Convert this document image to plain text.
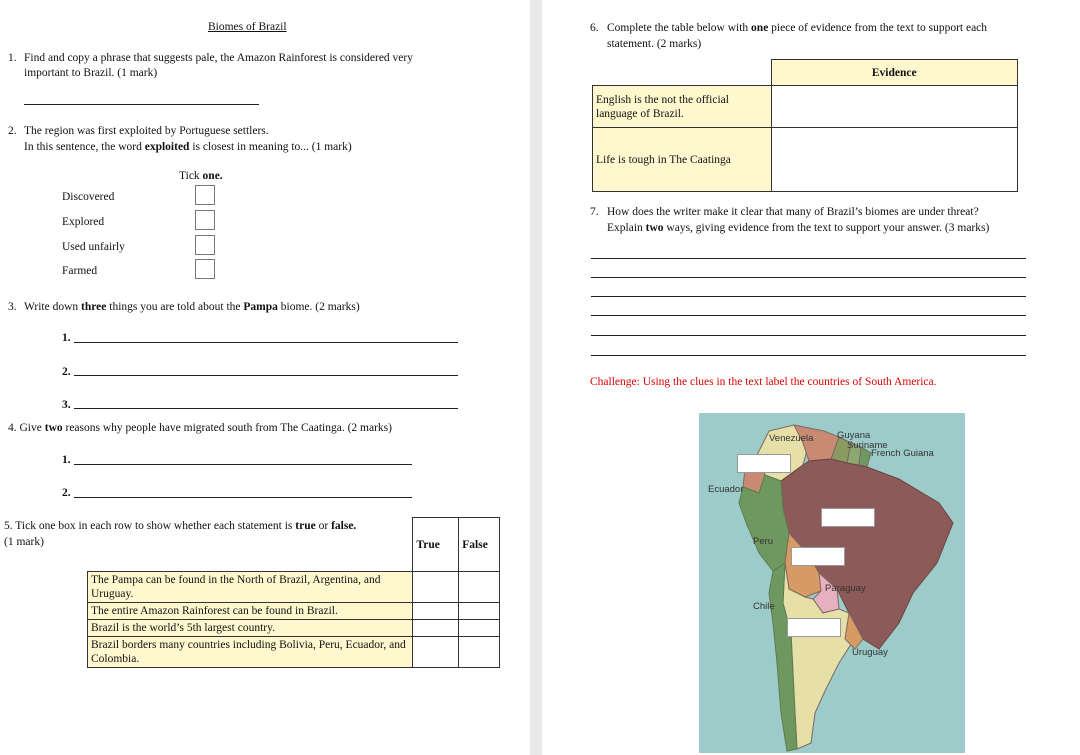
Biomes of Brazil
1. Find and copy a phrase that suggests pale, the Amazon Rainforest is considered very
important to Brazil. (1 mark)
2. The region was first exploited by Portuguese settlers.
In this sentence, the word exploited is closest in meaning to... (1 mark)
Tick one.
Discovered
Explored
Used unfairly
Farmed
3. Write down three things you are told about the Pampa biome. (2 marks)
1.
2.
3.
4. Give two reasons why people have migrated south from The Caatinga. (2 marks)
1.
2.
5. Tick one box in each row to show whether each statement is true or false.
(1 mark)
		True	False
The Pampa can be found in the North of Brazil, Argentina, and Uruguay.		
The entire Amazon Rainforest can be found in Brazil.		
Brazil is the world’s 5th largest country.		
Brazil borders many countries including Bolivia, Peru, Ecuador, and Colombia.		
6. Complete the table below with one piece of evidence from the text to support each
statement. (2 marks)
	Evidence
English is the not the official language of Brazil.	
Life is tough in The Caatinga	
7. How does the writer make it clear that many of Brazil’s biomes are under threat?
Explain two ways, giving evidence from the text to support your answer. (3 marks)
Challenge: Using the clues in the text label the countries of South America.
Venezuela Guyana
Suriname
French Guiana
Ecuador
Peru
Paraguay
Chile
Uruguay
